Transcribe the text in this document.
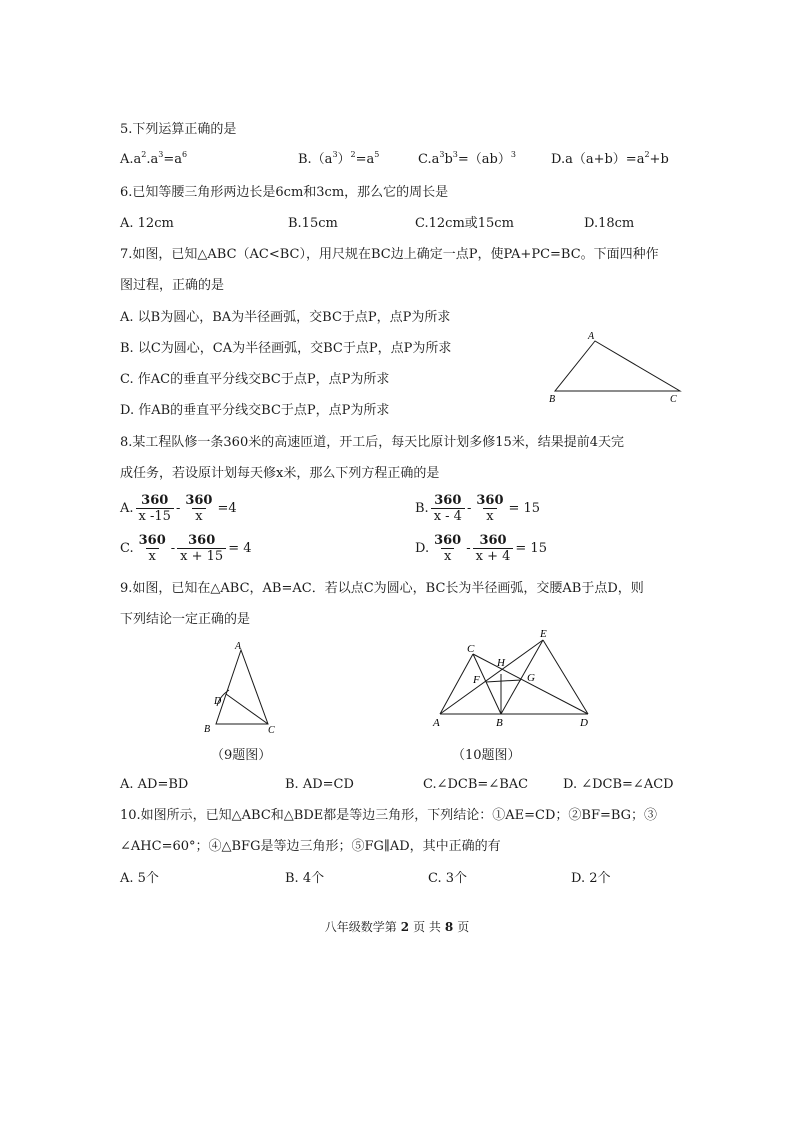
5.下列运算正确的是
$A.a^2.a^3=a^6$	$B.(a^3)^2=a^5$	$C.a^3b^3=(ab)^3$	$D.a(a+b)=a^2+b$
6.已知等腰三角形两边长是6cm和3cm，那么它的周长是
A. 12cm	B.15cm	C.12cm或15cm	D.18cm
7.如图，已知△ABC（AC<BC），用尺规在BC边上确定一点P，使PA+PC=BC。下面四种作
图过程，正确的是
A. 以B为圆心，BA为半径画弧，交BC于点P，点P为所求
B. 以C为圆心，CA为半径画弧，交BC于点P，点P为所求
C. 作AC的垂直平分线交BC于点P，点P为所求
D. 作AB的垂直平分线交BC于点P，点P为所求
A
B	C
8.某工程队修一条360米的高速匝道，开工后，每天比原计划多修15米，结果提前4天完
成任务，若设原计划每天修x米，那么下列方程正确的是
A.
360
x -15
- $\frac{360}{x} =4$	B.
360
x - 4
- $\frac{360}{x} = 15$
C.
360
x
- $\frac{360}{x + 15} = 4$	D.
360
x
- $\frac{360}{x + 4} = 15$
9.如图，已知在△ABC，AB=AC．若以点C为圆心，BC长为半径画弧，交腰AB于点D，则
下列结论一定正确的是
A
D
B	C
（9题图）
C
E
H
F	G
A	B	D
（10题图）
A. AD=BD	B. AD=CD	C.∠DCB=∠BAC	D. ∠DCB=∠ACD
10.如图所示，已知△ABC和△BDE都是等边三角形，下列结论：①AE=CD；②BF=BG；③
∠AHC=60°；④△BFG是等边三角形；⑤FG∥AD，其中正确的有
A. 5个	B. 4个	C. 3个	D. 2个
八年级数学第 2 页 共 8 页
